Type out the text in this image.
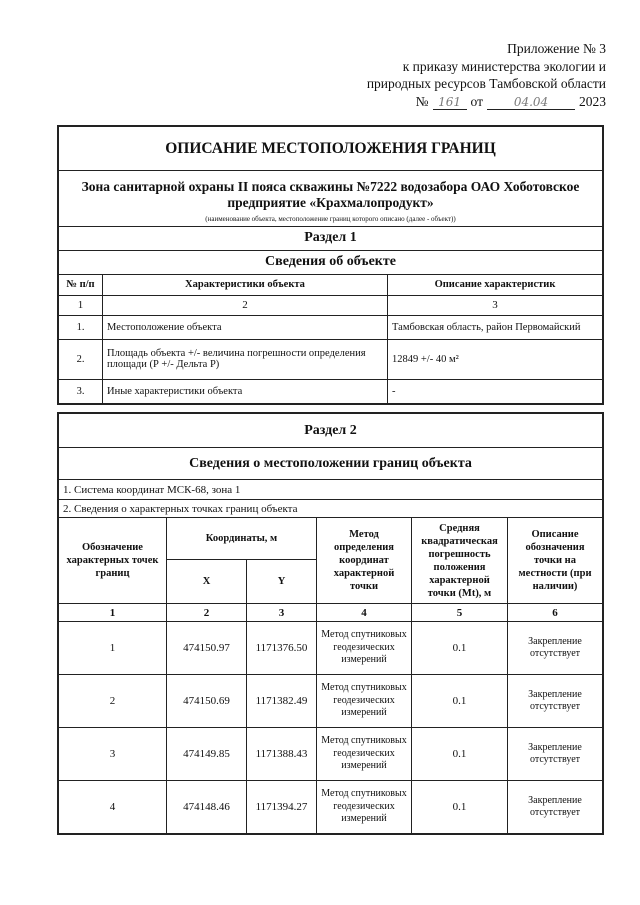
Приложение № 3
к приказу министерства экологии и
природных ресурсов Тамбовской области
№ 161 от	04.04	2023
ОПИСАНИЕ МЕСТОПОЛОЖЕНИЯ ГРАНИЦ		
Зона санитарной охраны II пояса скважины №7222 водозабора ОАО Хоботовское предприятие «Крахмалопродукт»		
(наименование объекта, местоположение границ которого описано (далее - объект))		
Раздел 1		
Сведения об объекте		
№ п/п	Характеристики объекта	Описание характеристик
1	2	3
1.	Местоположение объекта	Тамбовская область, район Первомайский
2.	Площадь объекта +/- величина погрешности определения площади (Р +/- Дельта Р)	12849 +/- 40 м²
3.	Иные характеристики объекта	-
Раздел 2					
Сведения о местоположении границ объекта					
1. Система координат МСК-68, зона 1					
2. Сведения о характерных точках границ объекта					
Обозначение характерных точек границ	Координаты, м		Метод определения координат характерной точки	Средняя квадратическая погрешность положения характерной точки (Mt), м	Описание обозначения точки на местности (при наличии)
	X	Y			
1	2	3	4	5	6
1	474150.97	1171376.50	Метод спутниковых геодезических измерений	0.1	Закрепление отсутствует
2	474150.69	1171382.49	Метод спутниковых геодезических измерений	0.1	Закрепление отсутствует
3	474149.85	1171388.43	Метод спутниковых геодезических измерений	0.1	Закрепление отсутствует
4	474148.46	1171394.27	Метод спутниковых геодезических измерений	0.1	Закрепление отсутствует
